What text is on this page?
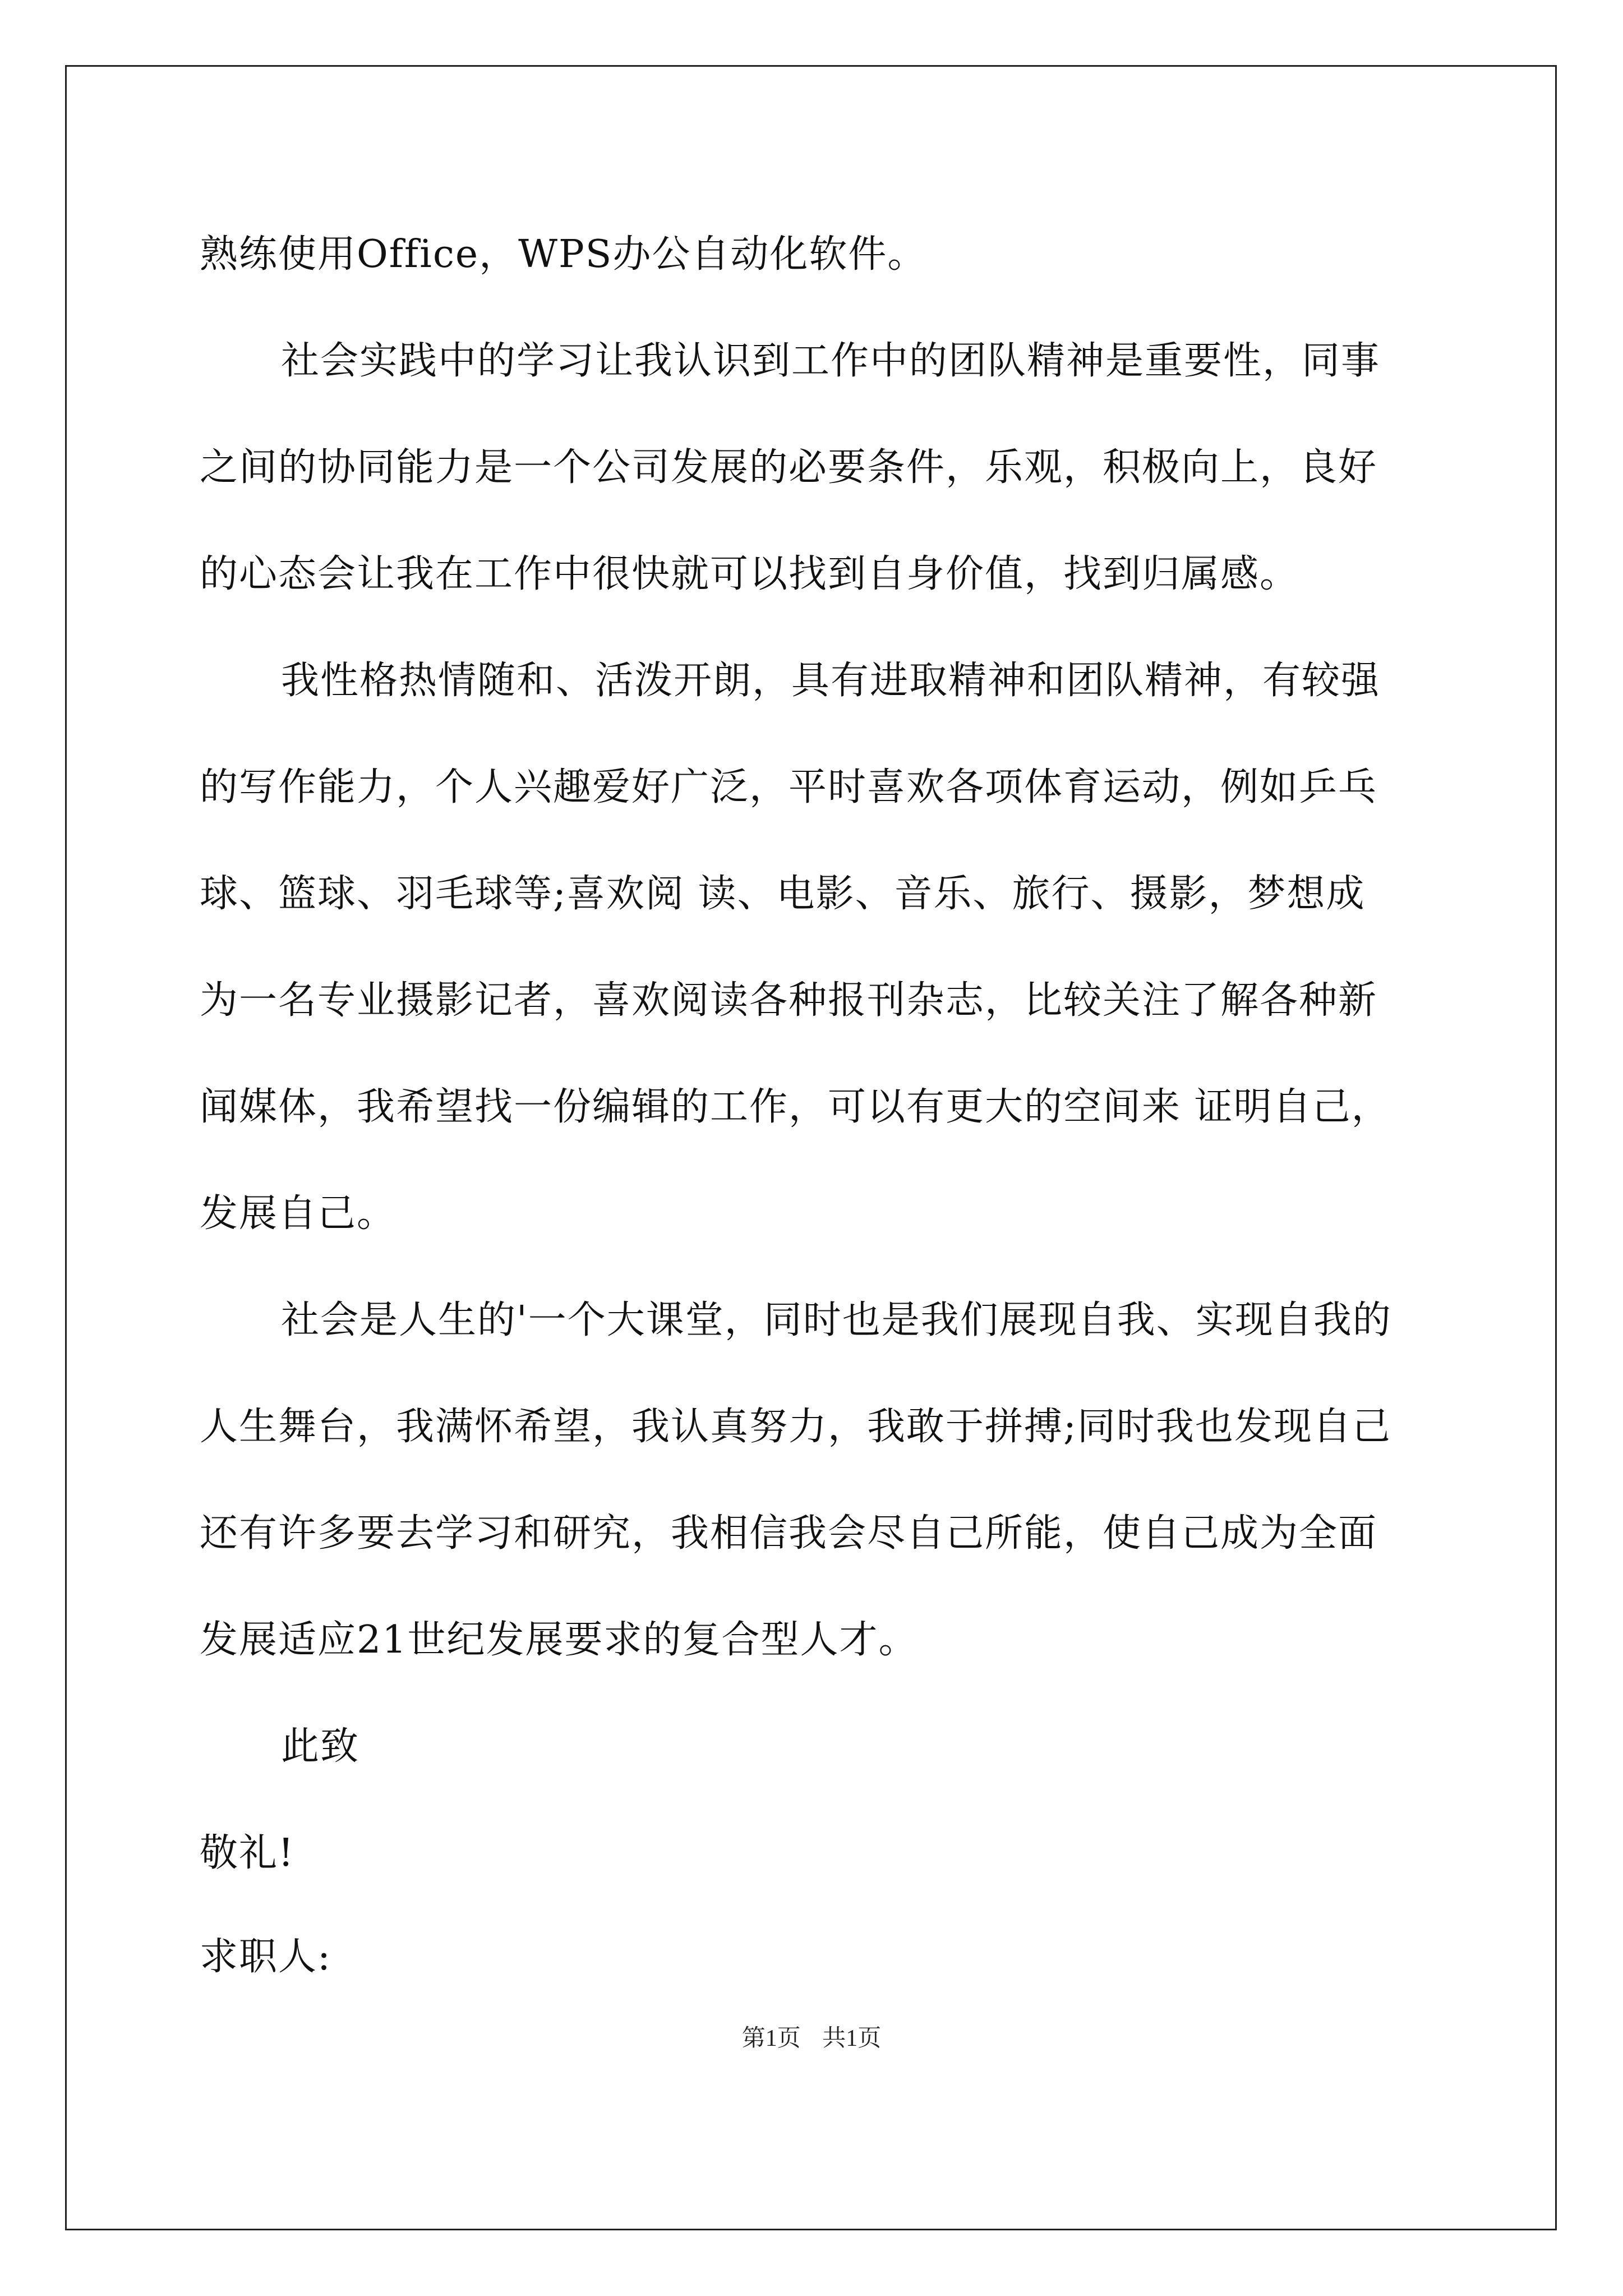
熟练使用Office，WPS办公自动化软件。
社会实践中的学习让我认识到工作中的团队精神是重要性，同事
之间的协同能力是一个公司发展的必要条件，乐观，积极向上，良好
的心态会让我在工作中很快就可以找到自身价值，找到归属感。
我性格热情随和、活泼开朗，具有进取精神和团队精神，有较强
的写作能力，个人兴趣爱好广泛，平时喜欢各项体育运动，例如乒乓
球、篮球、羽毛球等;喜欢阅 读、电影、音乐、旅行、摄影，梦想成
为一名专业摄影记者，喜欢阅读各种报刊杂志，比较关注了解各种新
闻媒体，我希望找一份编辑的工作，可以有更大的空间来 证明自己，
发展自己。
社会是人生的'一个大课堂，同时也是我们展现自我、实现自我的
人生舞台，我满怀希望，我认真努力，我敢于拼搏;同时我也发现自己
还有许多要去学习和研究，我相信我会尽自己所能，使自己成为全面
发展适应21世纪发展要求的复合型人才。
此致
敬礼!
求职人:
第1页 共1页
